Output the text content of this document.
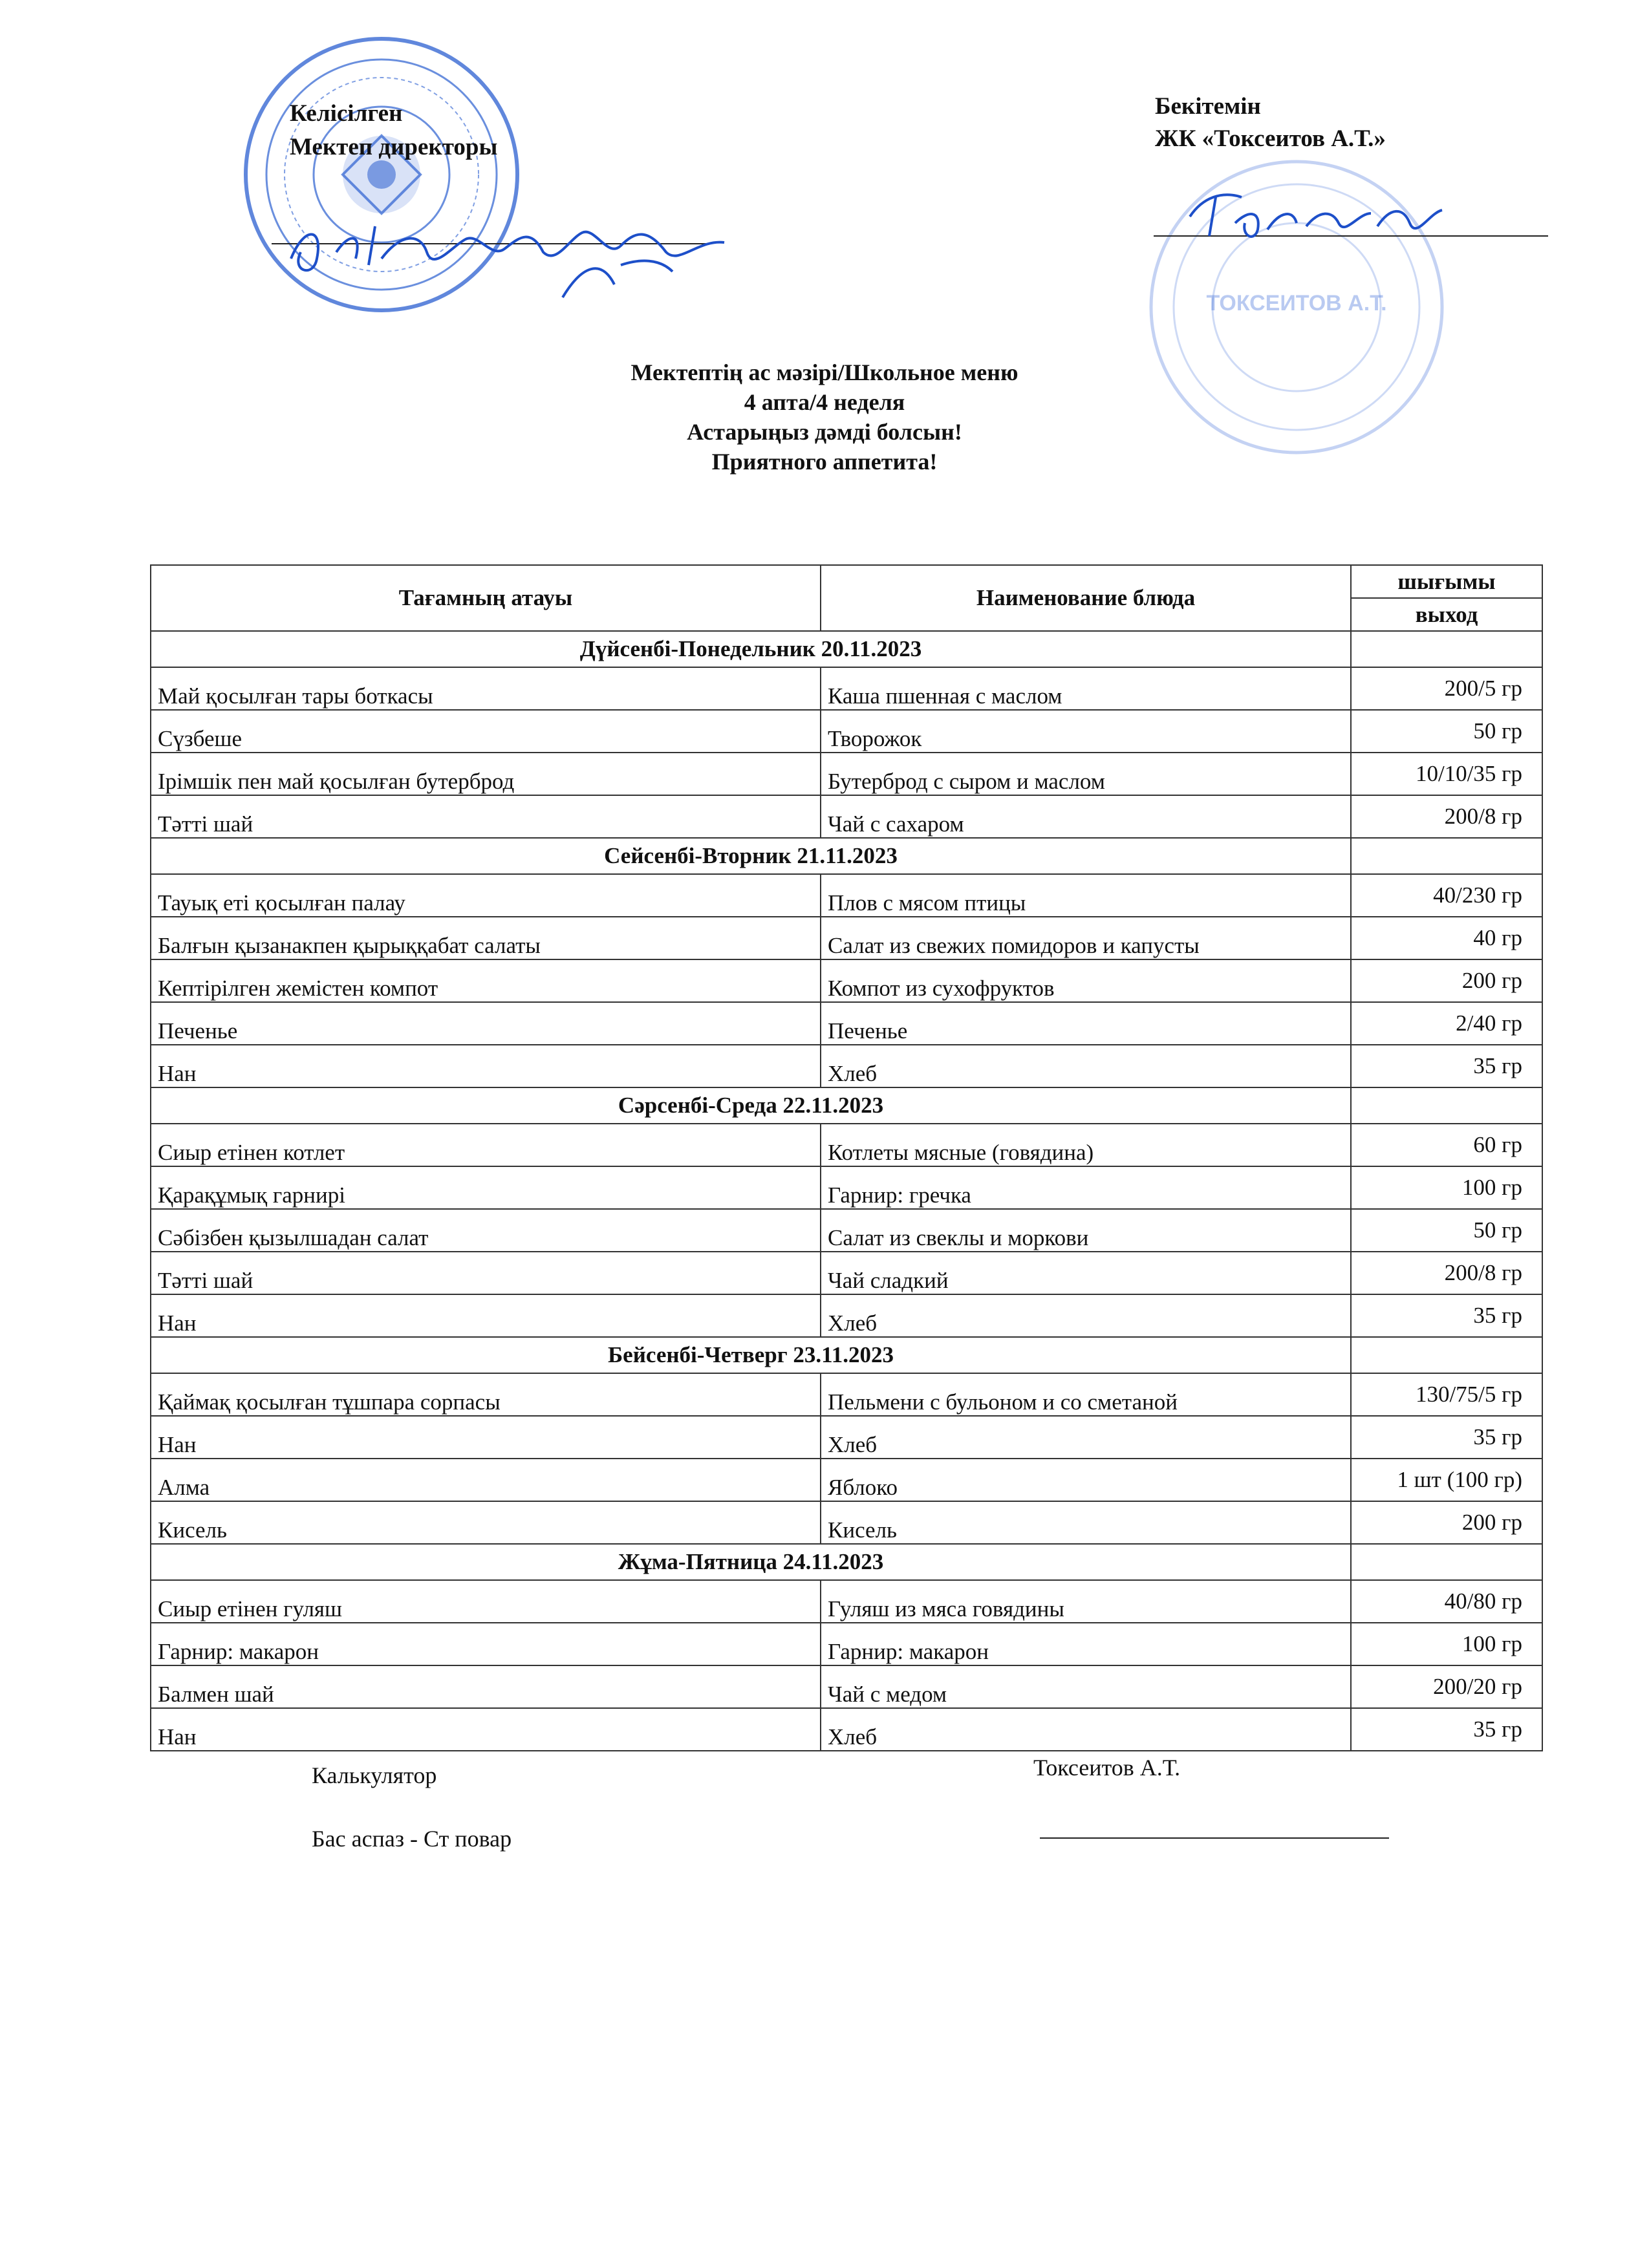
ТОКСЕИТОВ А.Т.
Келісілген
Мектеп директоры
Бекітемін
ЖК «Токсеитов А.Т.»
Мектептің ас мәзірі/Школьное меню
4 апта/4 неделя
Астарыңыз дәмді болсын!
Приятного аппетита!
Тағамның атауы	Наименование блюда	шығымы
		выход
Дүйсенбі-Понедельник 20.11.2023		
Май қосылған тары боткасы	Каша пшенная с маслом	200/5 гр
Сүзбеше	Творожок	50 гр
Ірімшік пен май қосылған бутерброд	Бутерброд с сыром и маслом	10/10/35 гр
Тәтті шай	Чай с сахаром	200/8 гр
Сейсенбі-Вторник 21.11.2023		
Тауық еті қосылған палау	Плов с мясом птицы	40/230 гр
Балғын қызанакпен қырыққабат салаты	Салат из свежих помидоров и капусты	40 гр
Кептірілген жемістен компот	Компот из сухофруктов	200 гр
Печенье	Печенье	2/40 гр
Нан	Хлеб	35 гр
Сәрсенбі-Среда 22.11.2023		
Сиыр етінен котлет	Котлеты мясные (говядина)	60 гр
Қарақұмық гарнирі	Гарнир: гречка	100 гр
Сәбізбен қызылшадан салат	Салат из свеклы и моркови	50 гр
Тәтті шай	Чай сладкий	200/8 гр
Нан	Хлеб	35 гр
Бейсенбі-Четверг 23.11.2023		
Қаймақ қосылған тұшпара сорпасы	Пельмени с бульоном и со сметаной	130/75/5 гр
Нан	Хлеб	35 гр
Алма	Яблоко	1 шт (100 гр)
Кисель	Кисель	200 гр
Жұма-Пятница 24.11.2023		
Сиыр етінен гуляш	Гуляш из мяса говядины	40/80 гр
Гарнир: макарон	Гарнир: макарон	100 гр
Балмен шай	Чай с медом	200/20 гр
Нан	Хлеб	35 гр
Калькулятор
Бас аспаз - Ст повар
Токсеитов А.Т.
